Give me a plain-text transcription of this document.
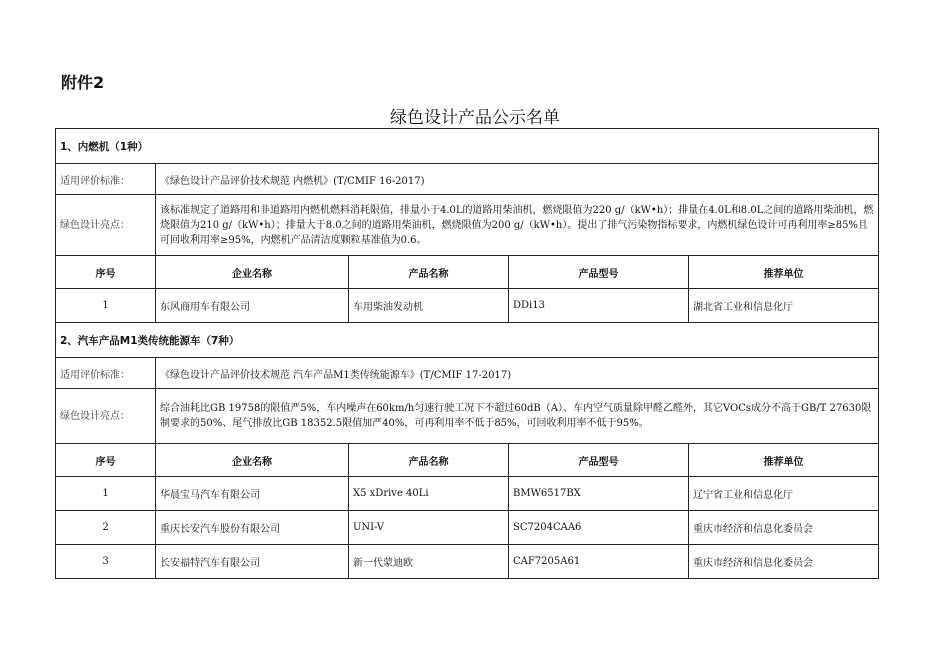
附件2
绿色设计产品公示名单
1、内燃机（1种）				
适用评价标准：	《绿色设计产品评价技术规范 内燃机》(T/CMIF 16-2017)			
绿色设计亮点：	该标准规定了道路用和非道路用内燃机燃料消耗限值，排量小于4.0L的道路用柴油机，燃烧限值为220 g/（kW•h）；排量在4.0L和8.0L之间的道路用柴油机，燃烧限值为210 g/（kW•h）；排量大于8.0之间的道路用柴油机，燃烧限值为200 g/（kW•h）。提出了排气污染物指标要求，内燃机绿色设计可再利用率≥85%且可回收利用率≥95%，内燃机产品清洁度颗粒基准值为0.6。			
序号	企业名称	产品名称	产品型号	推荐单位
1	东风商用车有限公司	车用柴油发动机	DDi13	湖北省工业和信息化厅
2、汽车产品M1类传统能源车（7种）				
适用评价标准：	《绿色设计产品评价技术规范 汽车产品M1类传统能源车》(T/CMIF 17-2017)			
绿色设计亮点：	综合油耗比GB 19758的限值严5%，车内噪声在60km/h匀速行驶工况下不超过60dB（A）、车内空气质量除甲醛乙醛外，其它VOCs成分不高于GB/T 27630限制要求的50%、尾气排放比GB 18352.5限值加严40%，可再利用率不低于85%，可回收利用率不低于95%。			
序号	企业名称	产品名称	产品型号	推荐单位
1	华晨宝马汽车有限公司	X5 xDrive 40Li	BMW6517BX	辽宁省工业和信息化厅
2	重庆长安汽车股份有限公司	UNI-V	SC7204CAA6	重庆市经济和信息化委员会
3	长安福特汽车有限公司	新一代蒙迪欧	CAF7205A61	重庆市经济和信息化委员会
